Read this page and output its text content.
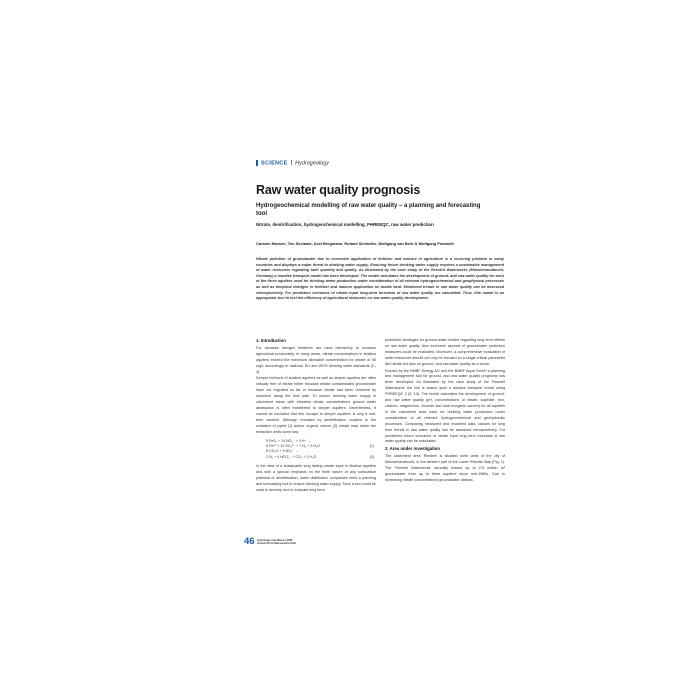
SCIENCE | Hydrogeology
Raw water quality prognosis
Hydrogeochemical modelling of raw water quality – a planning and forecasting tool
Nitrate, denitrification, hydrogeochemical modelling, PHREEQC, raw water prediction
Carsten Hansen, Tim Sevlante, Axel Bergmann, Roland Schindler, Wolfgang van Berk & Wolfgang Podmeth
Nitrate pollution of groundwater due to excessive application of fertilizer and manure in agriculture is a recurring problem in many countries and displays a major threat to drinking water supply. Ensuring future drinking water supply requires a sustainable management of water resources regarding both quantity and quality. As illustrated by the case study of the Reestrit Waterworks (Münsterlandbucht, Germany) a reactive transport model has been developed. The model calculates the development of ground- and raw water quality for each of the three aquifers used for drinking water production under consideration of all relevant hydrogeochemical and geophysical processes as well as temporal changes in fertilizer and manure application on arable land. Monitored trends in raw water quality can be assessed retrospectively. For prediction scenarios of nitrate input long-term forecasts of raw water quality are calculated. Thus, this model is an appropriate tool to test the efficiency of agricultural measures on raw water quality development.
1. Introduction

For decades nitrogen fertilisers are used intensively to increase agricultural productivity. In many areas, nitrate concentrations in shallow aquifers exceed the maximum allowable concentration for nitrate of 50 mg/L accordingly to national, EU and WHO drinking water standards [1–4].

Deeper horizons of shallow aquifers as well as deeper aquifers are often virtually free of nitrate either because nitrate contaminated groundwater have not migrated so far or because nitrate had been removed by reduction along the flow path. To ensure drinking water supply in catchment areas with elevated nitrate concentrations ground water abstraction is often transferred to deeper aquifers. Nevertheless, it cannot be excluded that this 'escape to deeper aquifers' is only a mid-term solution. Although revealed by denitrification coupled to the oxidation of pyrite [1] and/or organic carbon [2] nitrate may reach the extraction wells some day.

5 FeS₂ + 14 NO₃⁻ + 4 H⁺ →
5 Fe²⁺ + 10 SO₄²⁻ + 7 N₂ + 2 H₂O	(1)
5 CH₂O + 4 NO₃⁻ →
2 N₂ + 4 HCO₃⁻ + CO₂ + 3 H₂O	(2)

In the view of a sustainable long lasting nitrate input in shallow aquifers and with a special emphasis on the finite nature of any subsurface potential of denitrification, water distribution companies need a planning and forecasting tool to ensure drinking water supply. Such a tool could be used to develop and to evaluate long term

protection strategies for ground water bodies regarding long term effects on raw water quality. Also economic aspects of groundwater protection measures could be evaluated. Moreover, a comprehensive evaluation of water resources should not only be focused on a single critical parameter like nitrate but also on ground- and raw water quality as a whole.

Funded by the BMBF Energy AG and the BMBF Aqua GmbH a planning and management tool for ground- and raw water quality prognosis has been developed. As illustrated by the case study of the 'Reestrit Waterworks' the tool is based upon a reactive transport model using PHREEQC 2 [9, 10]. The model calculates the development of ground- and raw water quality (pH, concentrations of nitrate, sulphate, iron, calcium, magnesium, chloride and total inorganic carbon) for all aquifers in the catchment area used for drinking water production under consideration of all relevant hydrogeochemical and geohydraulic processes. Comparing measured and modelled data, causes for long term trends in raw water quality can be assessed retrospectively. For predefined future scenarios of nitrate input long term forecasts of raw water quality can be calculated.

2. Area under investigation

The catchment area 'Reestrit' is situated north west of the city of Münsterlandbucht, in the western part of the Lower Rhenish Bay (Fig. 1). The 'Reestrit Waterworks' annually extract up to 2.5 million m³ groundwater from up to three aquifers since mid-1980s. Due to increasing nitrate concentrations groundwater abstrac-

46 Hydrologie und Wasser 2008
Zeitschrift für Wasserwirtschaft
